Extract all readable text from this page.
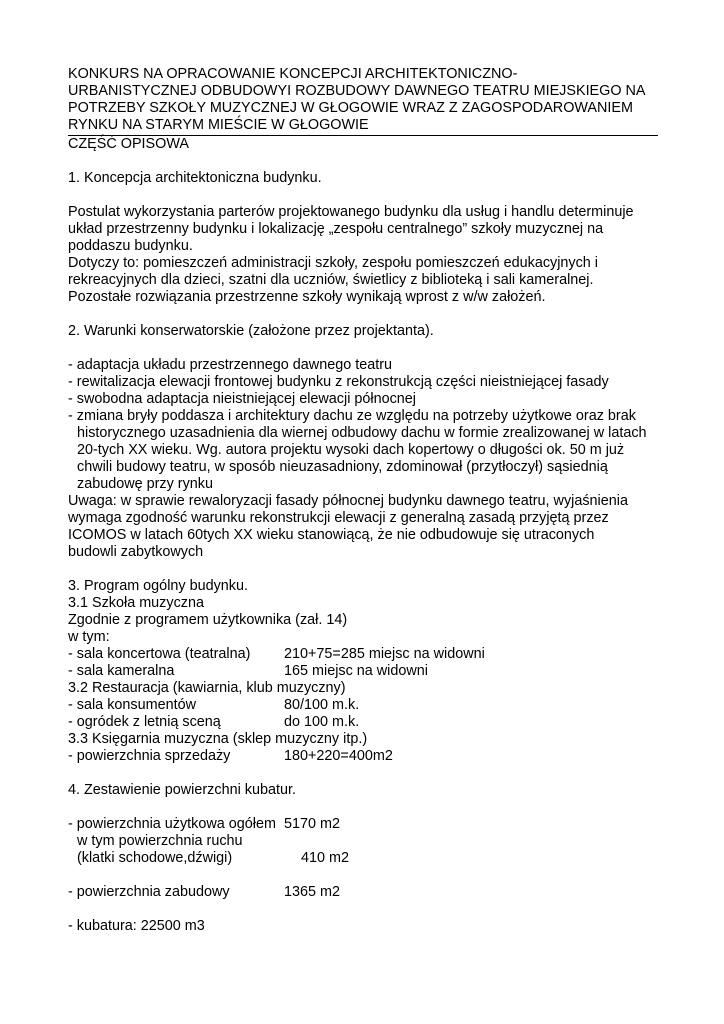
KONKURS NA OPRACOWANIE KONCEPCJI ARCHITEKTONICZNO-
URBANISTYCZNEJ ODBUDOWYI ROZBUDOWY DAWNEGO TEATRU MIEJSKIEGO NA
POTRZEBY SZKOŁY MUZYCZNEJ W GŁOGOWIE WRAZ Z ZAGOSPODAROWANIEM
RYNKU NA STARYM MIEŚCIE W GŁOGOWIE
CZĘŚĆ OPISOWA
1. Koncepcja architektoniczna budynku.
Postulat wykorzystania parterów projektowanego budynku dla usług i handlu determinuje
układ przestrzenny budynku i lokalizację „zespołu centralnego” szkoły muzycznej na
poddaszu budynku.
Dotyczy to: pomieszczeń administracji szkoły, zespołu pomieszczeń edukacyjnych i
rekreacyjnych dla dzieci, szatni dla uczniów, świetlicy z biblioteką i sali kameralnej.
Pozostałe rozwiązania przestrzenne szkoły wynikają wprost z w/w założeń.
2. Warunki konserwatorskie (założone przez projektanta).
- adaptacja układu przestrzennego dawnego teatru
- rewitalizacja elewacji frontowej budynku z rekonstrukcją części nieistniejącej fasady
- swobodna adaptacja nieistniejącej elewacji północnej
- zmiana bryły poddasza i architektury dachu ze względu na potrzeby użytkowe oraz brak
historycznego uzasadnienia dla wiernej odbudowy dachu w formie zrealizowanej w latach
20-tych XX wieku. Wg. autora projektu wysoki dach kopertowy o długości ok. 50 m już
chwili budowy teatru, w sposób nieuzasadniony, zdominował (przytłoczył) sąsiednią
zabudowę przy rynku
Uwaga: w sprawie rewaloryzacji fasady północnej budynku dawnego teatru, wyjaśnienia
wymaga zgodność warunku rekonstrukcji elewacji z generalną zasadą przyjętą przez
ICOMOS w latach 60tych XX wieku stanowiącą, że nie odbudowuje się utraconych
budowli zabytkowych
3. Program ogólny budynku.
3.1 Szkoła muzyczna
Zgodnie z programem użytkownika (zał. 14)
w tym:
- sala koncertowa (teatralna)	210+75=285 miejsc na widowni
- sala kameralna	165 miejsc na widowni
3.2 Restauracja (kawiarnia, klub muzyczny)
- sala konsumentów	80/100 m.k.
- ogródek z letnią sceną	do 100 m.k.
3.3 Księgarnia muzyczna (sklep muzyczny itp.)
- powierzchnia sprzedaży	180+220=400m2
4. Zestawienie powierzchni kubatur.
- powierzchnia użytkowa ogółem 5170 m2
w tym powierzchnia ruchu
(klatki schodowe,dźwigi)	410 m2
- powierzchnia zabudowy	1365 m2
- kubatura: 22500 m3
